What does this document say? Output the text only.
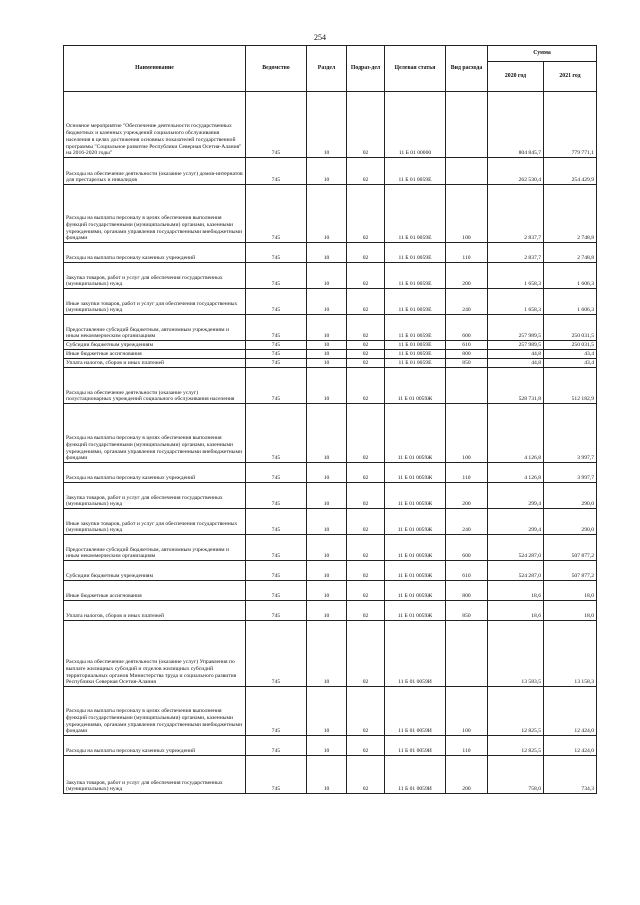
254
Наименование	Ведомство	Раздел	Подраз-дел	Целевая статья	Вид расхода	Сумма	
						2020 год	2021 год
Основное мероприятие "Обеспечение деятельности государственных бюджетных и казенных учреждений социального обслуживания населения в целях достижения основных показателей государственной программы "Социальное развитие Республики Северная Осетия-Алания" на 2016-2020 годы"	745	10	02	11 Б 01 00000		804 845,7	779 771,1
Расходы на обеспечение деятельности (оказание услуг) домов-интернатов для престарелых и инвалидов	745	10	02	11 Б 01 0059Е		262 530,4	254 429,9
Расходы на выплаты персоналу в целях обеспечения выполнения функций государственными (муниципальными) органами, казенными учреждениями, органами управления государственными внебюджетными фондами	745	10	02	11 Б 01 0059Е	100	2 837,7	2 748,8
Расходы на выплаты персоналу казенных учреждений	745	10	02	11 Б 01 0059Е	110	2 837,7	2 748,8
Закупка товаров, работ и услуг для обеспечения государственных (муниципальных) нужд	745	10	02	11 Б 01 0059Е	200	1 658,3	1 606,3
Иные закупки товаров, работ и услуг для обеспечения государственных (муниципальных) нужд	745	10	02	11 Б 01 0059Е	240	1 658,3	1 606,3
Предоставление субсидий бюджетным, автономным учреждениям и иным некоммерческим организациям	745	10	02	11 Б 01 0059Е	600	257 989,5	250 031,5
Субсидии бюджетным учреждениям	745	10	02	11 Б 01 0059Е	610	257 989,5	250 031,5
Иные бюджетные ассигнования	745	10	02	11 Б 01 0059Е	800	44,8	43,4
Уплата налогов, сборов и иных платежей	745	10	02	11 Б 01 0059Е	850	44,8	43,4
Расходы на обеспечение деятельности (оказание услуг) полустационарных учреждений социального обслуживания населения	745	10	02	11 Б 01 0059Ж		528 731,8	512 182,9
Расходы на выплаты персоналу в целях обеспечения выполнения функций государственными (муниципальными) органами, казенными учреждениями, органами управления государственными внебюджетными фондами	745	10	02	11 Б 01 0059Ж	100	4 126,8	3 997,7
Расходы на выплаты персоналу казенных учреждений	745	10	02	11 Б 01 0059Ж	110	4 126,8	3 997,7
Закупка товаров, работ и услуг для обеспечения государственных (муниципальных) нужд	745	10	02	11 Б 01 0059Ж	200	299,4	290,0
Иные закупки товаров, работ и услуг для обеспечения государственных (муниципальных) нужд	745	10	02	11 Б 01 0059Ж	240	299,4	290,0
Предоставление субсидий бюджетным, автономным учреждениям и иным некоммерческим организациям	745	10	02	11 Б 01 0059Ж	600	524 287,0	507 877,2
Субсидии бюджетным учреждениям	745	10	02	11 Б 01 0059Ж	610	524 287,0	507 877,2
Иные бюджетные ассигнования	745	10	02	11 Б 01 0059Ж	800	18,6	18,0
Уплата налогов, сборов и иных платежей	745	10	02	11 Б 01 0059Ж	850	18,6	18,0
Расходы на обеспечение деятельности (оказание услуг) Управления по выплате жилищных субсидий и отделов жилищных субсидий территориальных органов Министерства труда и социального развития Республики Северная Осетия-Алания	745	10	02	11 Б 01 0059И		13 583,5	13 158,3
Расходы на выплаты персоналу в целях обеспечения выполнения функций государственными (муниципальными) органами, казенными учреждениями, органами управления государственными внебюджетными фондами	745	10	02	11 Б 01 0059И	100	12 825,5	12 424,0
Расходы на выплаты персоналу казенных учреждений	745	10	02	11 Б 01 0059И	110	12 825,5	12 424,0
Закупка товаров, работ и услуг для обеспечения государственных (муниципальных) нужд	745	10	02	11 Б 01 0059И	200	758,0	734,3
